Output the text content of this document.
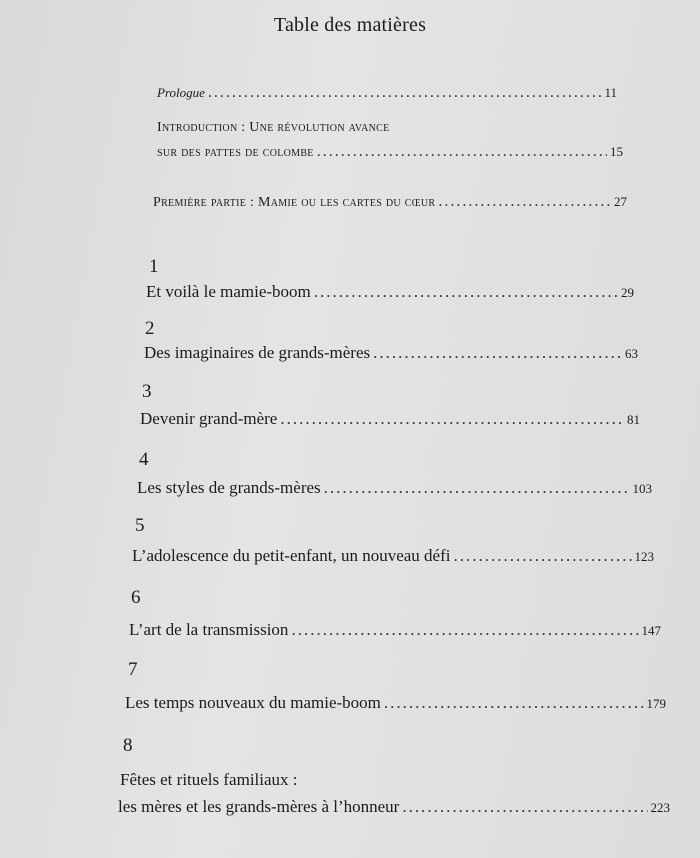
Table des matières
Prologue .....	11
Introduction : Une révolution avance
sur des pattes de colombe .....	15
Première partie : Mamie ou les cartes du cœur .....	27
1
Et voilà le mamie-boom .....	29
2
Des imaginaires de grands-mères .....	63
3
Devenir grand-mère .....	81
4
Les styles de grands-mères .....	103
5
L’adolescence du petit-enfant, un nouveau défi .....	123
6
L’art de la transmission .....	147
7
Les temps nouveaux du mamie-boom .....	179
8
Fêtes et rituels familiaux :
les mères et les grands-mères à l’honneur .....	223
